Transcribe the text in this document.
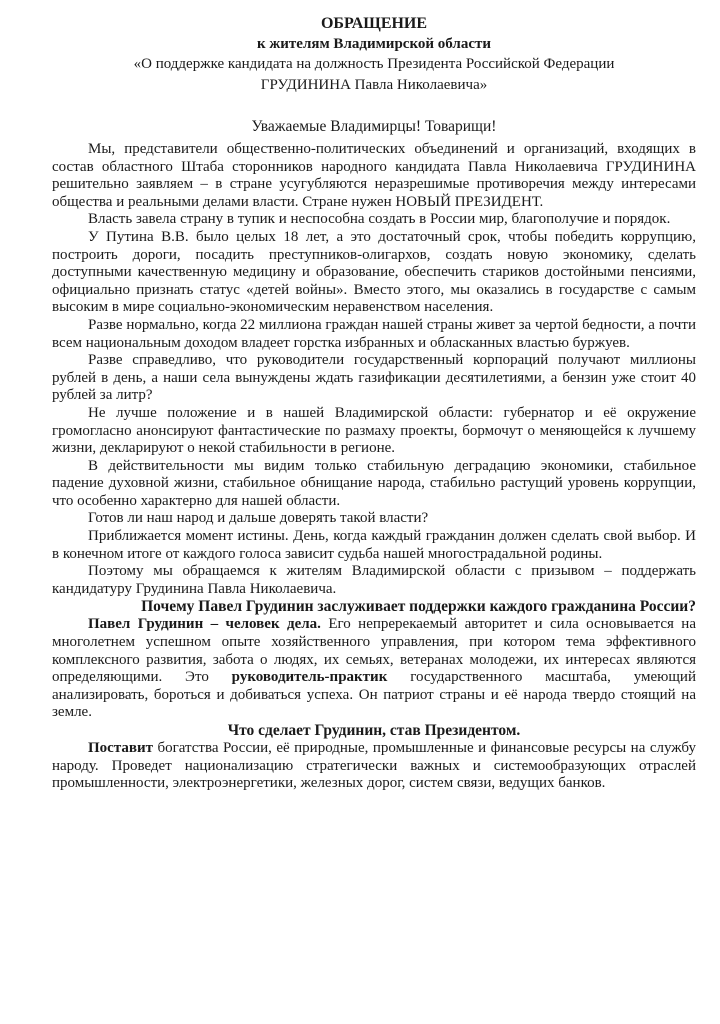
ОБРАЩЕНИЕ
к жителям Владимирской области
«О поддержке кандидата на должность Президента Российской Федерации
ГРУДИНИНА Павла Николаевича»
Уважаемые Владимирцы! Товарищи!

Мы, представители общественно-политических объединений и организаций, входящих в состав областного Штаба сторонников народного кандидата Павла Николаевича ГРУДИНИНА решительно заявляем – в стране усугубляются неразрешимые противоречия между интересами общества и реальными делами власти. Стране нужен НОВЫЙ ПРЕЗИДЕНТ.

Власть завела страну в тупик и неспособна создать в России мир, благополучие и порядок.

У Путина В.В. было целых 18 лет, а это достаточный срок, чтобы победить коррупцию, построить дороги, посадить преступников-олигархов, создать новую экономику, сделать доступными качественную медицину и образование, обеспечить стариков достойными пенсиями, официально признать статус «детей войны». Вместо этого, мы оказались в государстве с самым высоким в мире социально-экономическим неравенством населения.

Разве нормально, когда 22 миллиона граждан нашей страны живет за чертой бедности, а почти всем национальным доходом владеет горстка избранных и обласканных властью буржуев.

Разве справедливо, что руководители государственный корпораций получают миллионы рублей в день, а наши села вынуждены ждать газификации десятилетиями, а бензин уже стоит 40 рублей за литр?

Не лучше положение и в нашей Владимирской области: губернатор и её окружение громогласно анонсируют фантастические по размаху проекты, бормочут о меняющейся к лучшему жизни, декларируют о некой стабильности в регионе.

В действительности мы видим только стабильную деградацию экономики, стабильное падение духовной жизни, стабильное обнищание народа, стабильно растущий уровень коррупции, что особенно характерно для нашей области.

Готов ли наш народ и дальше доверять такой власти?

Приближается момент истины. День, когда каждый гражданин должен сделать свой выбор. И в конечном итоге от каждого голоса зависит судьба нашей многострадальной родины.

Поэтому мы обращаемся к жителям Владимирской области с призывом – поддержать кандидатуру Грудинина Павла Николаевича.

Почему Павел Грудинин заслуживает поддержки каждого гражданина России?

Павел Грудинин – человек дела. Его непререкаемый авторитет и сила основывается на многолетнем успешном опыте хозяйственного управления, при котором тема эффективного комплексного развития, забота о людях, их семьях, ветеранах молодежи, их интересах являются определяющими. Это руководитель-практик государственного масштаба, умеющий анализировать, бороться и добиваться успеха. Он патриот страны и её народа твердо стоящий на земле.

Что сделает Грудинин, став Президентом.

Поставит богатства России, её природные, промышленные и финансовые ресурсы на службу народу. Проведет национализацию стратегически важных и системообразующих отраслей промышленности, электроэнергетики, железных дорог, систем связи, ведущих банков.
